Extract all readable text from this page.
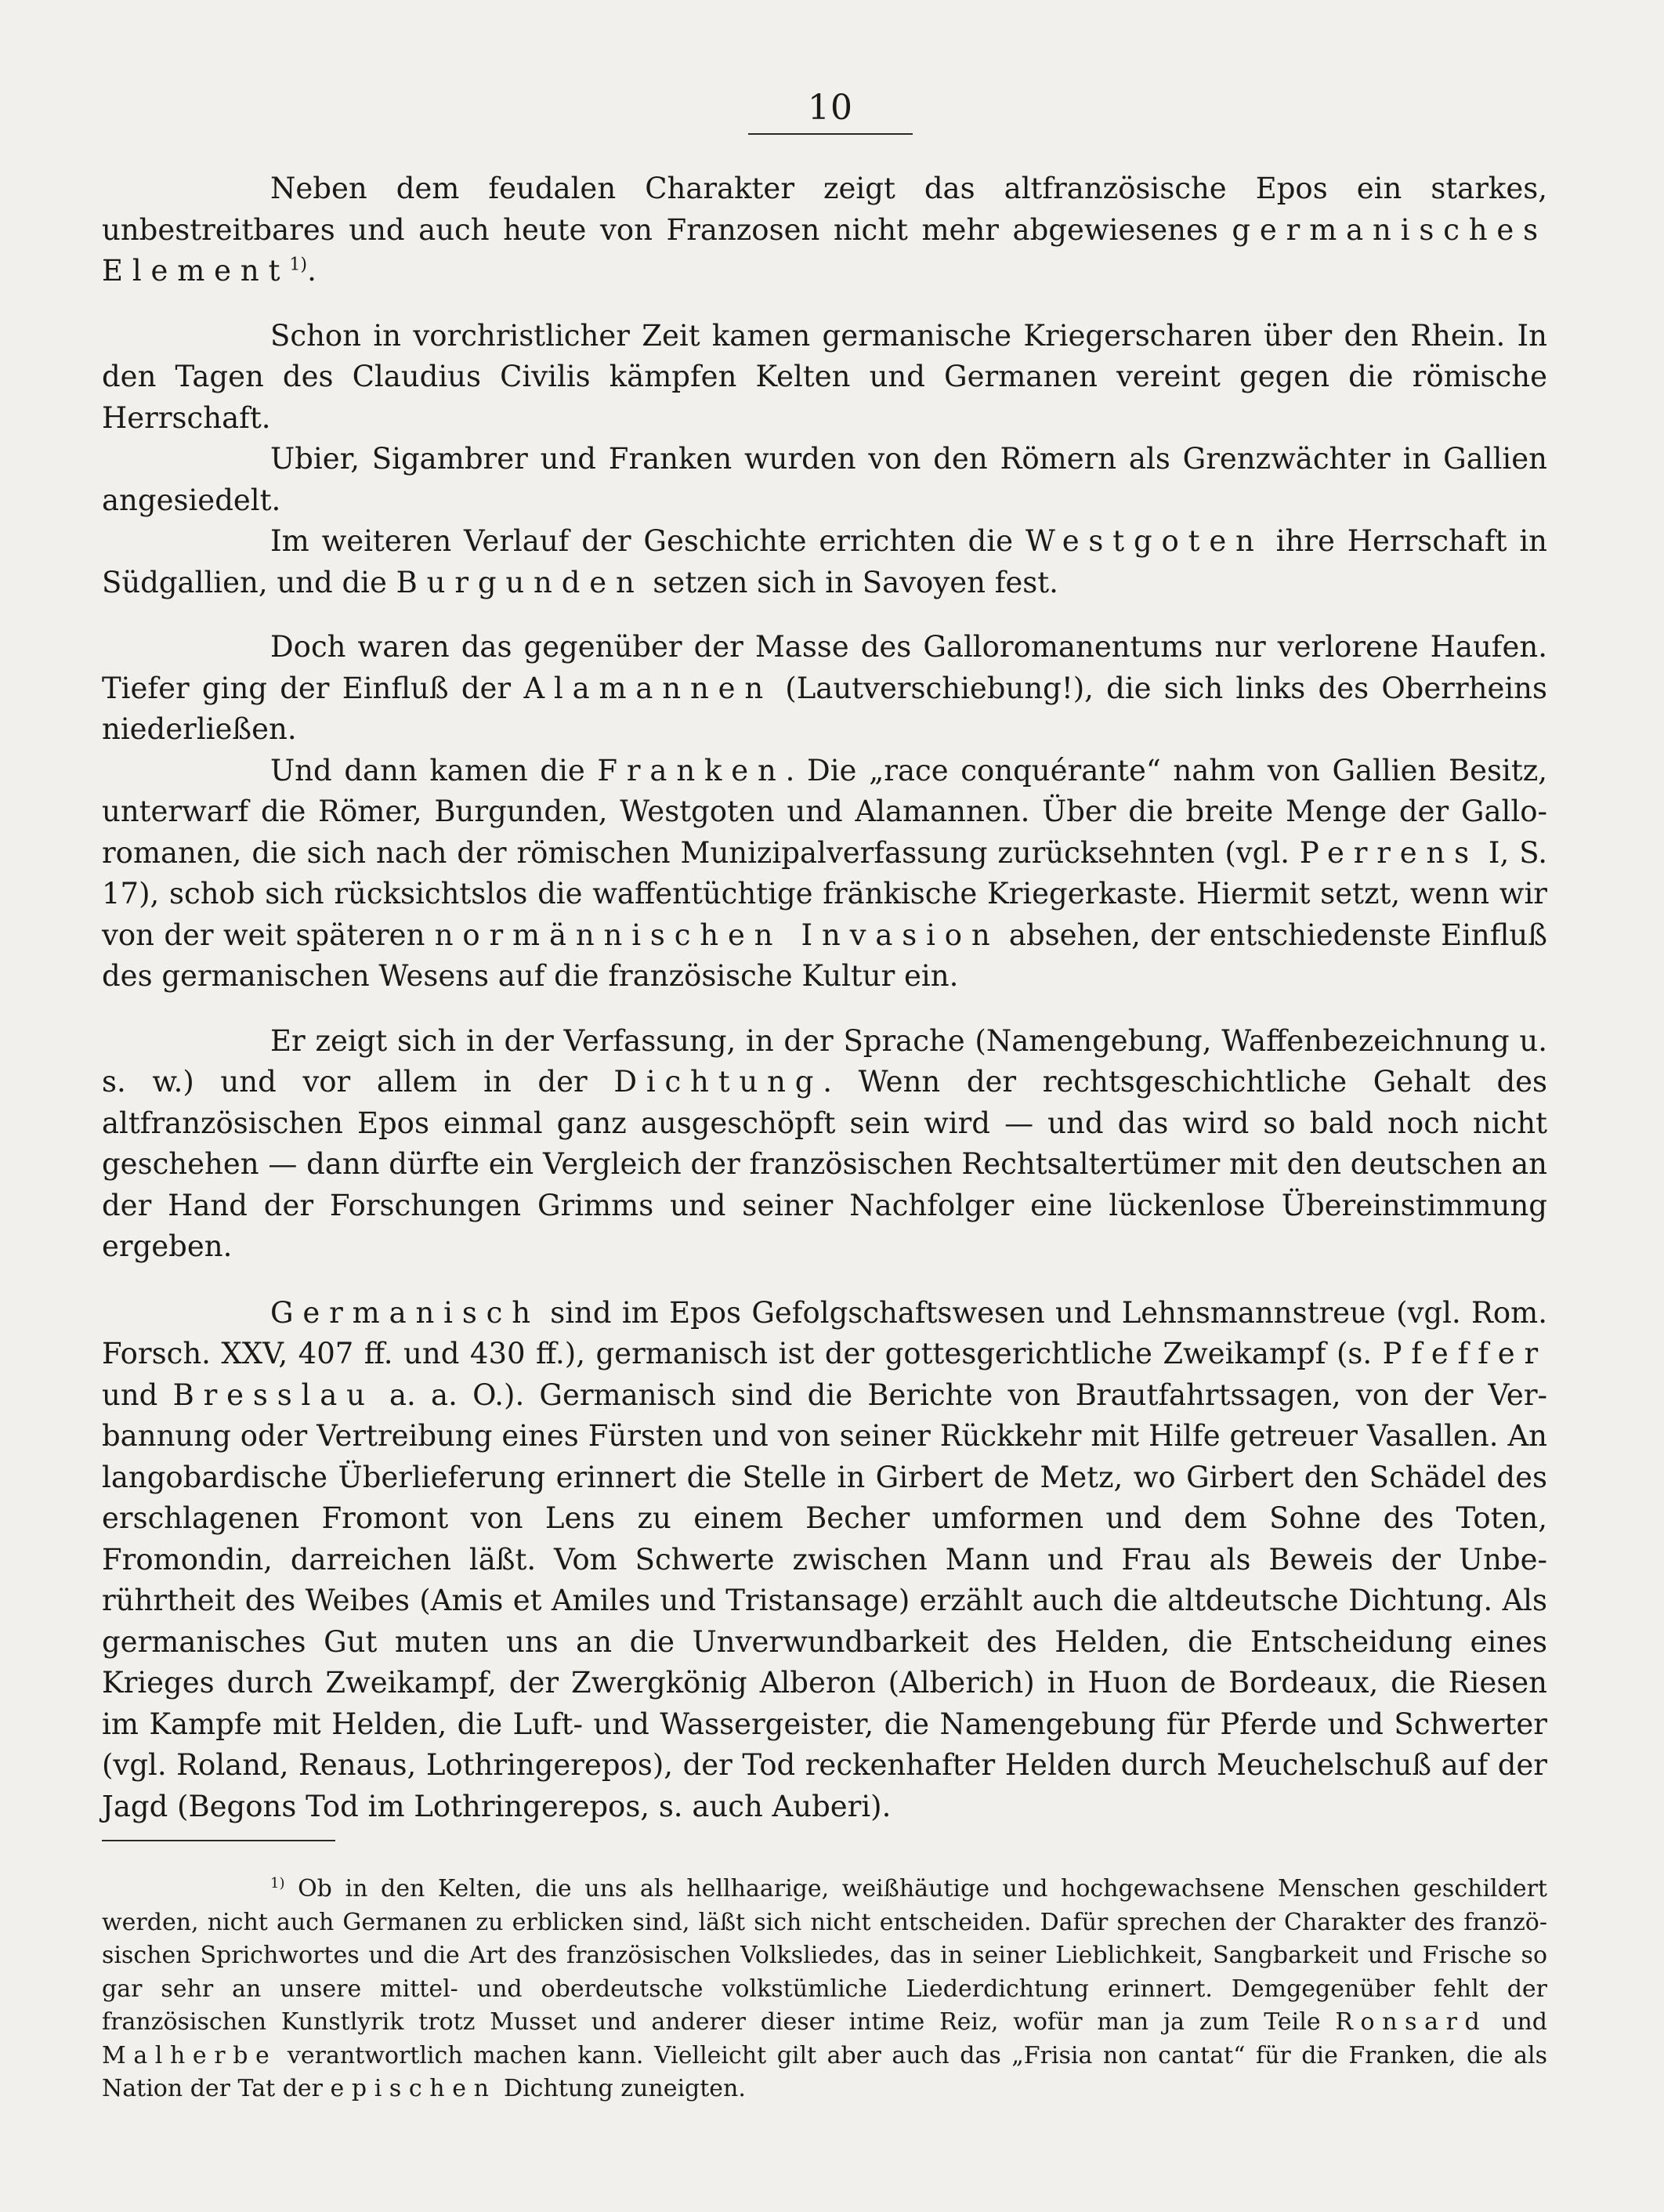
10

Neben dem feudalen Charakter zeigt das altfranzösische Epos ein starkes, unbestreitbares und auch heute von Franzosen nicht mehr abgewiesenes germanisches Element$^{1)}$.

Schon in vorchristlicher Zeit kamen germanische Kriegerscharen über den Rhein. In den Tagen des Claudius Civilis kämpfen Kelten und Germanen vereint gegen die römische Herrschaft.

Ubier, Sigambrer und Franken wurden von den Römern als Grenzwächter in Gallien angesiedelt.

Im weiteren Verlauf der Geschichte errichten die Westgoten ihre Herrschaft in Südgallien, und die Burgunden setzen sich in Savoyen fest.

Doch waren das gegenüber der Masse des Galloromanentums nur verlorene Haufen. Tiefer ging der Einfluß der Alamannen (Lautverschiebung!), die sich links des Oberrheins niederließen.

Und dann kamen die Franken. Die „race conquérante“ nahm von Gallien Besitz, unterwarf die Römer, Burgunden, Westgoten und Alamannen. Über die breite Menge der Gallo-romanen, die sich nach der römischen Munizipalverfassung zurücksehnten (vgl. Perrens I, S. 17), schob sich rücksichtslos die waffentüchtige fränkische Kriegerkaste. Hiermit setzt, wenn wir von der weit späteren normännischen Invasion absehen, der entschiedenste Einfluß des germanischen Wesens auf die französische Kultur ein.

Er zeigt sich in der Verfassung, in der Sprache (Namengebung, Waffenbezeichnung u. s. w.) und vor allem in der Dichtung. Wenn der rechtsgeschichtliche Gehalt des altfranzösischen Epos einmal ganz ausgeschöpft sein wird — und das wird so bald noch nicht geschehen — dann dürfte ein Vergleich der französischen Rechtsaltertümer mit den deutschen an der Hand der Forschungen Grimms und seiner Nachfolger eine lückenlose Übereinstimmung ergeben.

Germanisch sind im Epos Gefolgschaftswesen und Lehnsmannstreue (vgl. Rom. Forsch. XXV, 407 ff. und 430 ff.), germanisch ist der gottesgerichtliche Zweikampf (s. Pfeffer und Bresslau a. a. O.). Germanisch sind die Berichte von Brautfahrtssagen, von der Ver-bannung oder Vertreibung eines Fürsten und von seiner Rückkehr mit Hilfe getreuer Vasallen. An langobardische Überlieferung erinnert die Stelle in Girbert de Metz, wo Girbert den Schädel des erschlagenen Fromont von Lens zu einem Becher umformen und dem Sohne des Toten, Fromondin, darreichen läßt. Vom Schwerte zwischen Mann und Frau als Beweis der Unbe-rührtheit des Weibes (Amis et Amiles und Tristansage) erzählt auch die altdeutsche Dichtung. Als germanisches Gut muten uns an die Unverwundbarkeit des Helden, die Entscheidung eines Krieges durch Zweikampf, der Zwergkönig Alberon (Alberich) in Huon de Bordeaux, die Riesen im Kampfe mit Helden, die Luft- und Wassergeister, die Namengebung für Pferde und Schwerter (vgl. Roland, Renaus, Lothringerepos), der Tod reckenhafter Helden durch Meuchelschuß auf der Jagd (Begons Tod im Lothringerepos, s. auch Auberi).

$^{1)}$ Ob in den Kelten, die uns als hellhaarige, weißhäutige und hochgewachsene Menschen geschildert werden, nicht auch Germanen zu erblicken sind, läßt sich nicht entscheiden. Dafür sprechen der Charakter des franzö-sischen Sprichwortes und die Art des französischen Volksliedes, das in seiner Lieblichkeit, Sangbarkeit und Frische so gar sehr an unsere mittel- und oberdeutsche volkstümliche Liederdichtung erinnert. Demgegenüber fehlt der französischen Kunstlyrik trotz Musset und anderer dieser intime Reiz, wofür man ja zum Teile Ronsard und Malherbe verantwortlich machen kann. Vielleicht gilt aber auch das „Frisia non cantat“ für die Franken, die als Nation der Tat der epischen Dichtung zuneigten.
